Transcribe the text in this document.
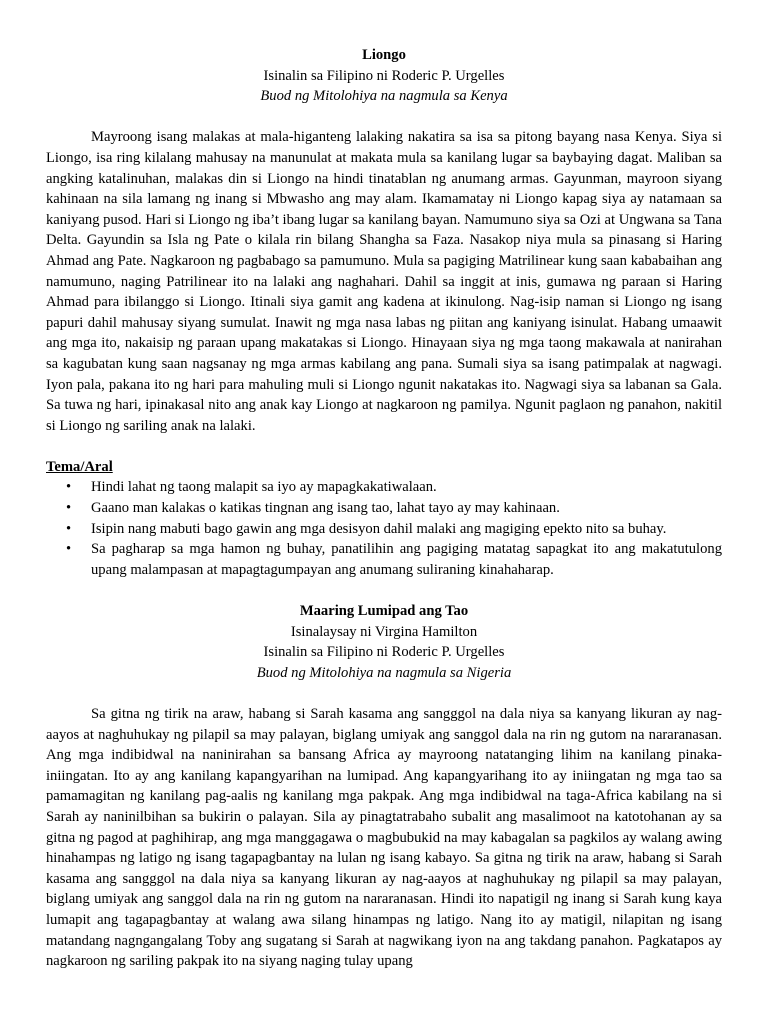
Liongo
Isinalin sa Filipino ni Roderic P. Urgelles
Buod ng Mitolohiya na nagmula sa Kenya

Mayroong isang malakas at mala-higanteng lalaking nakatira sa isa sa pitong bayang nasa Kenya. Siya si Liongo, isa ring kilalang mahusay na manunulat at makata mula sa kanilang lugar sa baybaying dagat. Maliban sa angking katalinuhan, malakas din si Liongo na hindi tinatablan ng anumang armas. Gayunman, mayroon siyang kahinaan na sila lamang ng inang si Mbwasho ang may alam. Ikamamatay ni Liongo kapag siya ay natamaan sa kaniyang pusod. Hari si Liongo ng iba’t ibang lugar sa kanilang bayan. Namumuno siya sa Ozi at Ungwana sa Tana Delta. Gayundin sa Isla ng Pate o kilala rin bilang Shangha sa Faza. Nasakop niya mula sa pinasang si Haring Ahmad ang Pate. Nagkaroon ng pagbabago sa pamumuno. Mula sa pagiging Matrilinear kung saan kababaihan ang namumuno, naging Patrilinear ito na lalaki ang naghahari. Dahil sa inggit at inis, gumawa ng paraan si Haring Ahmad para ibilanggo si Liongo. Itinali siya gamit ang kadena at ikinulong. Nag-isip naman si Liongo ng isang papuri dahil mahusay siyang sumulat. Inawit ng mga nasa labas ng piitan ang kaniyang isinulat. Habang umaawit ang mga ito, nakaisip ng paraan upang makatakas si Liongo. Hinayaan siya ng mga taong makawala at nanirahan sa kagubatan kung saan nagsanay ng mga armas kabilang ang pana. Sumali siya sa isang patimpalak at nagwagi. Iyon pala, pakana ito ng hari para mahuling muli si Liongo ngunit nakatakas ito. Nagwagi siya sa labanan sa Gala. Sa tuwa ng hari, ipinakasal nito ang anak kay Liongo at nagkaroon ng pamilya. Ngunit paglaon ng panahon, nakitil si Liongo ng sariling anak na lalaki.

Tema/Aral
• Hindi lahat ng taong malapit sa iyo ay mapagkakatiwalaan.
• Gaano man kalakas o katikas tingnan ang isang tao, lahat tayo ay may kahinaan.
• Isipin nang mabuti bago gawin ang mga desisyon dahil malaki ang magiging epekto nito sa buhay.
• Sa pagharap sa mga hamon ng buhay, panatilihin ang pagiging matatag sapagkat ito ang makatutulong upang malampasan at mapagtagumpayan ang anumang suliraning kinahaharap.
Maaring Lumipad ang Tao
Isinalaysay ni Virgina Hamilton
Isinalin sa Filipino ni Roderic P. Urgelles
Buod ng Mitolohiya na nagmula sa Nigeria

Sa gitna ng tirik na araw, habang si Sarah kasama ang sangggol na dala niya sa kanyang likuran ay nag-aayos at naghuhukay ng pilapil sa may palayan, biglang umiyak ang sanggol dala na rin ng gutom na nararanasan. Ang mga indibidwal na naninirahan sa bansang Africa ay mayroong natatanging lihim na kanilang pinaka-iniingatan. Ito ay ang kanilang kapangyarihan na lumipad. Ang kapangyarihang ito ay iniingatan ng mga tao sa pamamagitan ng kanilang pag-aalis ng kanilang mga pakpak. Ang mga indibidwal na taga-Africa kabilang na si Sarah ay naninilbihan sa bukirin o palayan. Sila ay pinagtatrabaho subalit ang masalimoot na katotohanan ay sa gitna ng pagod at paghihirap, ang mga manggagawa o magbubukid na may kabagalan sa pagkilos ay walang awing hinahampas ng latigo ng isang tagapagbantay na lulan ng isang kabayo. Sa gitna ng tirik na araw, habang si Sarah kasama ang sangggol na dala niya sa kanyang likuran ay nag-aayos at naghuhukay ng pilapil sa may palayan, biglang umiyak ang sanggol dala na rin ng gutom na nararanasan. Hindi ito napatigil ng inang si Sarah kung kaya lumapit ang tagapagbantay at walang awa silang hinampas ng latigo. Nang ito ay matigil, nilapitan ng isang matandang nagngangalang Toby ang sugatang si Sarah at nagwikang iyon na ang takdang panahon. Pagkatapos ay nagkaroon ng sariling pakpak ito na siyang naging tulay upang
